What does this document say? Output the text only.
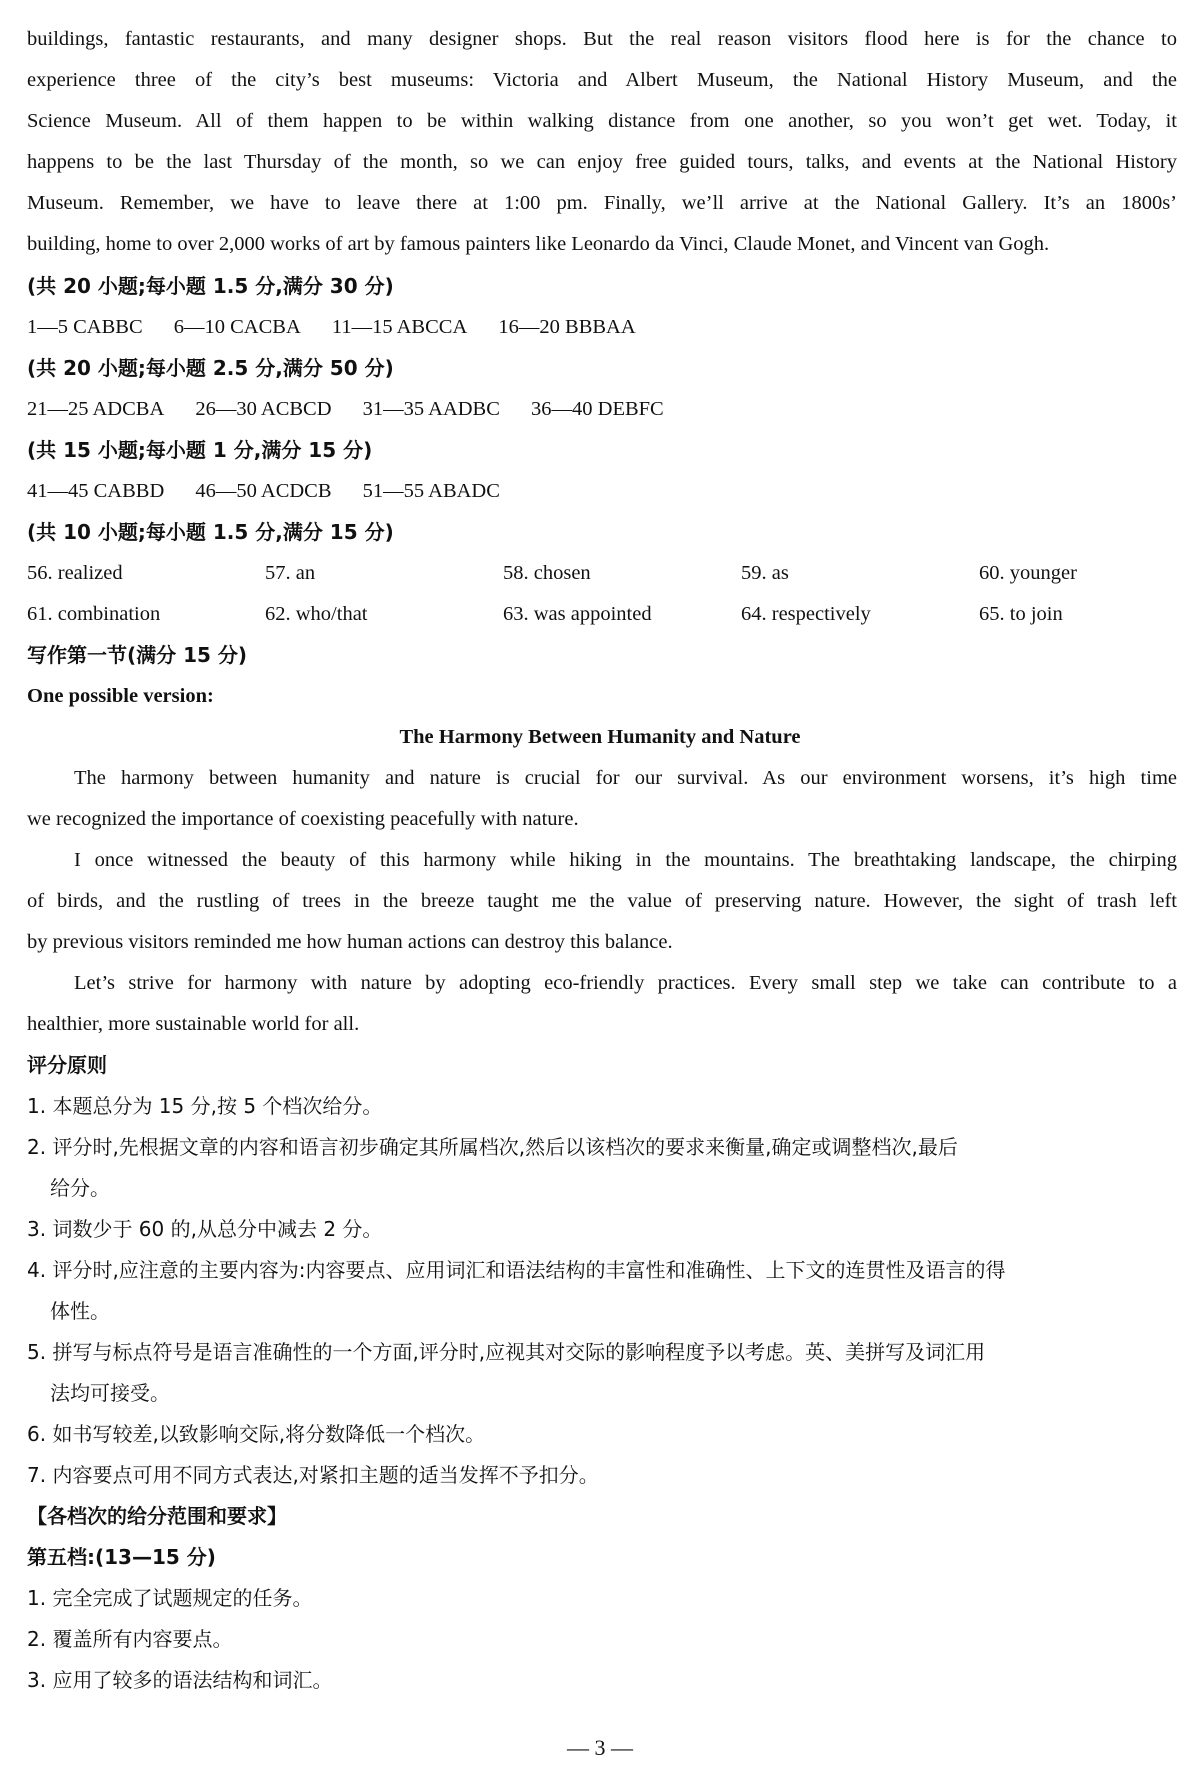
buildings, fantastic restaurants, and many designer shops. But the real reason visitors flood here is for the chance to
experience three of the city’s best museums: Victoria and Albert Museum, the National History Museum, and the
Science Museum. All of them happen to be within walking distance from one another, so you won’t get wet. Today, it
happens to be the last Thursday of the month, so we can enjoy free guided tours, talks, and events at the National History
Museum. Remember, we have to leave there at 1:00 pm. Finally, we’ll arrive at the National Gallery. It’s an 1800s’
building, home to over 2,000 works of art by famous painters like Leonardo da Vinci, Claude Monet, and Vincent van Gogh.
(共 20 小题;每小题 1.5 分,满分 30 分)
1—5 CABBC 6—10 CACBA 11—15 ABCCA 16—20 BBBAA
(共 20 小题;每小题 2.5 分,满分 50 分)
21—25 ADCBA 26—30 ACBCD 31—35 AADBC 36—40 DEBFC
(共 15 小题;每小题 1 分,满分 15 分)
41—45 CABBD 46—50 ACDCB 51—55 ABADC
(共 10 小题;每小题 1.5 分,满分 15 分)
56. realized	57. an	58. chosen	59. as	60. younger
61. combination	62. who/that	63. was appointed	64. respectively	65. to join
写作第一节(满分 15 分)
One possible version:
The Harmony Between Humanity and Nature
The harmony between humanity and nature is crucial for our survival. As our environment worsens, it’s high time
we recognized the importance of coexisting peacefully with nature.
I once witnessed the beauty of this harmony while hiking in the mountains. The breathtaking landscape, the chirping
of birds, and the rustling of trees in the breeze taught me the value of preserving nature. However, the sight of trash left
by previous visitors reminded me how human actions can destroy this balance.
Let’s strive for harmony with nature by adopting eco-friendly practices. Every small step we take can contribute to a
healthier, more sustainable world for all.
评分原则
1. 本题总分为 15 分,按 5 个档次给分。
2. 评分时,先根据文章的内容和语言初步确定其所属档次,然后以该档次的要求来衡量,确定或调整档次,最后
给分。
3. 词数少于 60 的,从总分中减去 2 分。
4. 评分时,应注意的主要内容为:内容要点、应用词汇和语法结构的丰富性和准确性、上下文的连贯性及语言的得
体性。
5. 拼写与标点符号是语言准确性的一个方面,评分时,应视其对交际的影响程度予以考虑。英、美拼写及词汇用
法均可接受。
6. 如书写较差,以致影响交际,将分数降低一个档次。
7. 内容要点可用不同方式表达,对紧扣主题的适当发挥不予扣分。
【各档次的给分范围和要求】
第五档:(13—15 分)
1. 完全完成了试题规定的任务。
2. 覆盖所有内容要点。
3. 应用了较多的语法结构和词汇。
— 3 —
